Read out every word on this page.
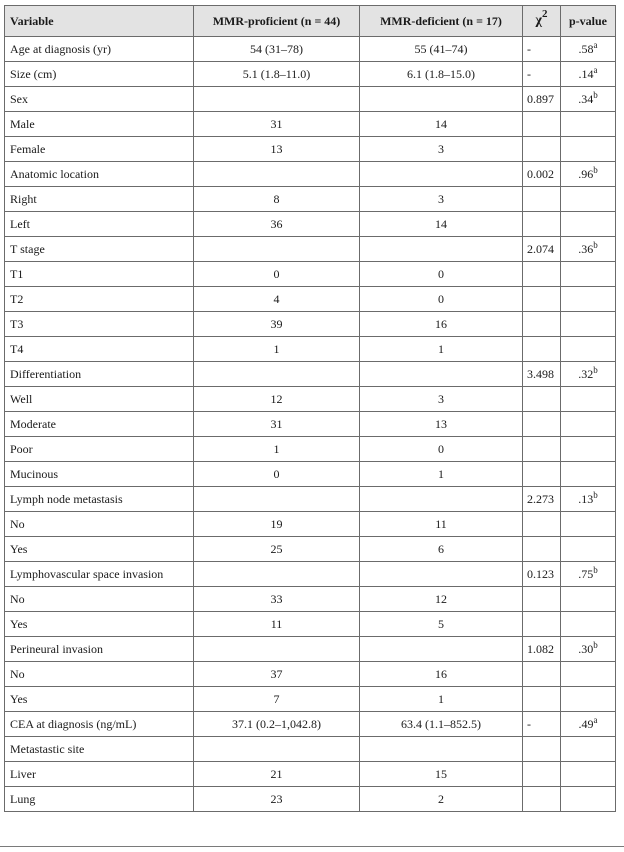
Variable	MMR-proficient (n = 44)	MMR-deficient (n = 17)	$\chi^2$	p-value
Age at diagnosis (yr)	54 (31–78)	55 (41–74)	-	.58$^a$
Size (cm)	5.1 (1.8–11.0)	6.1 (1.8–15.0)	-	.14$^a$
Sex			0.897	.34$^b$
Male	31	14		
Female	13	3		
Anatomic location			0.002	.96$^b$
Right	8	3		
Left	36	14		
T stage			2.074	.36$^b$
T1	0	0		
T2	4	0		
T3	39	16		
T4	1	1		
Differentiation			3.498	.32$^b$
Well	12	3		
Moderate	31	13		
Poor	1	0		
Mucinous	0	1		
Lymph node metastasis			2.273	.13$^b$
No	19	11		
Yes	25	6		
Lymphovascular space invasion			0.123	.75$^b$
No	33	12		
Yes	11	5		
Perineural invasion			1.082	.30$^b$
No	37	16		
Yes	7	1		
CEA at diagnosis (ng/mL)	37.1 (0.2–1,042.8)	63.4 (1.1–852.5)	-	.49$^a$
Metastastic site				
Liver	21	15		
Lung	23	2		
